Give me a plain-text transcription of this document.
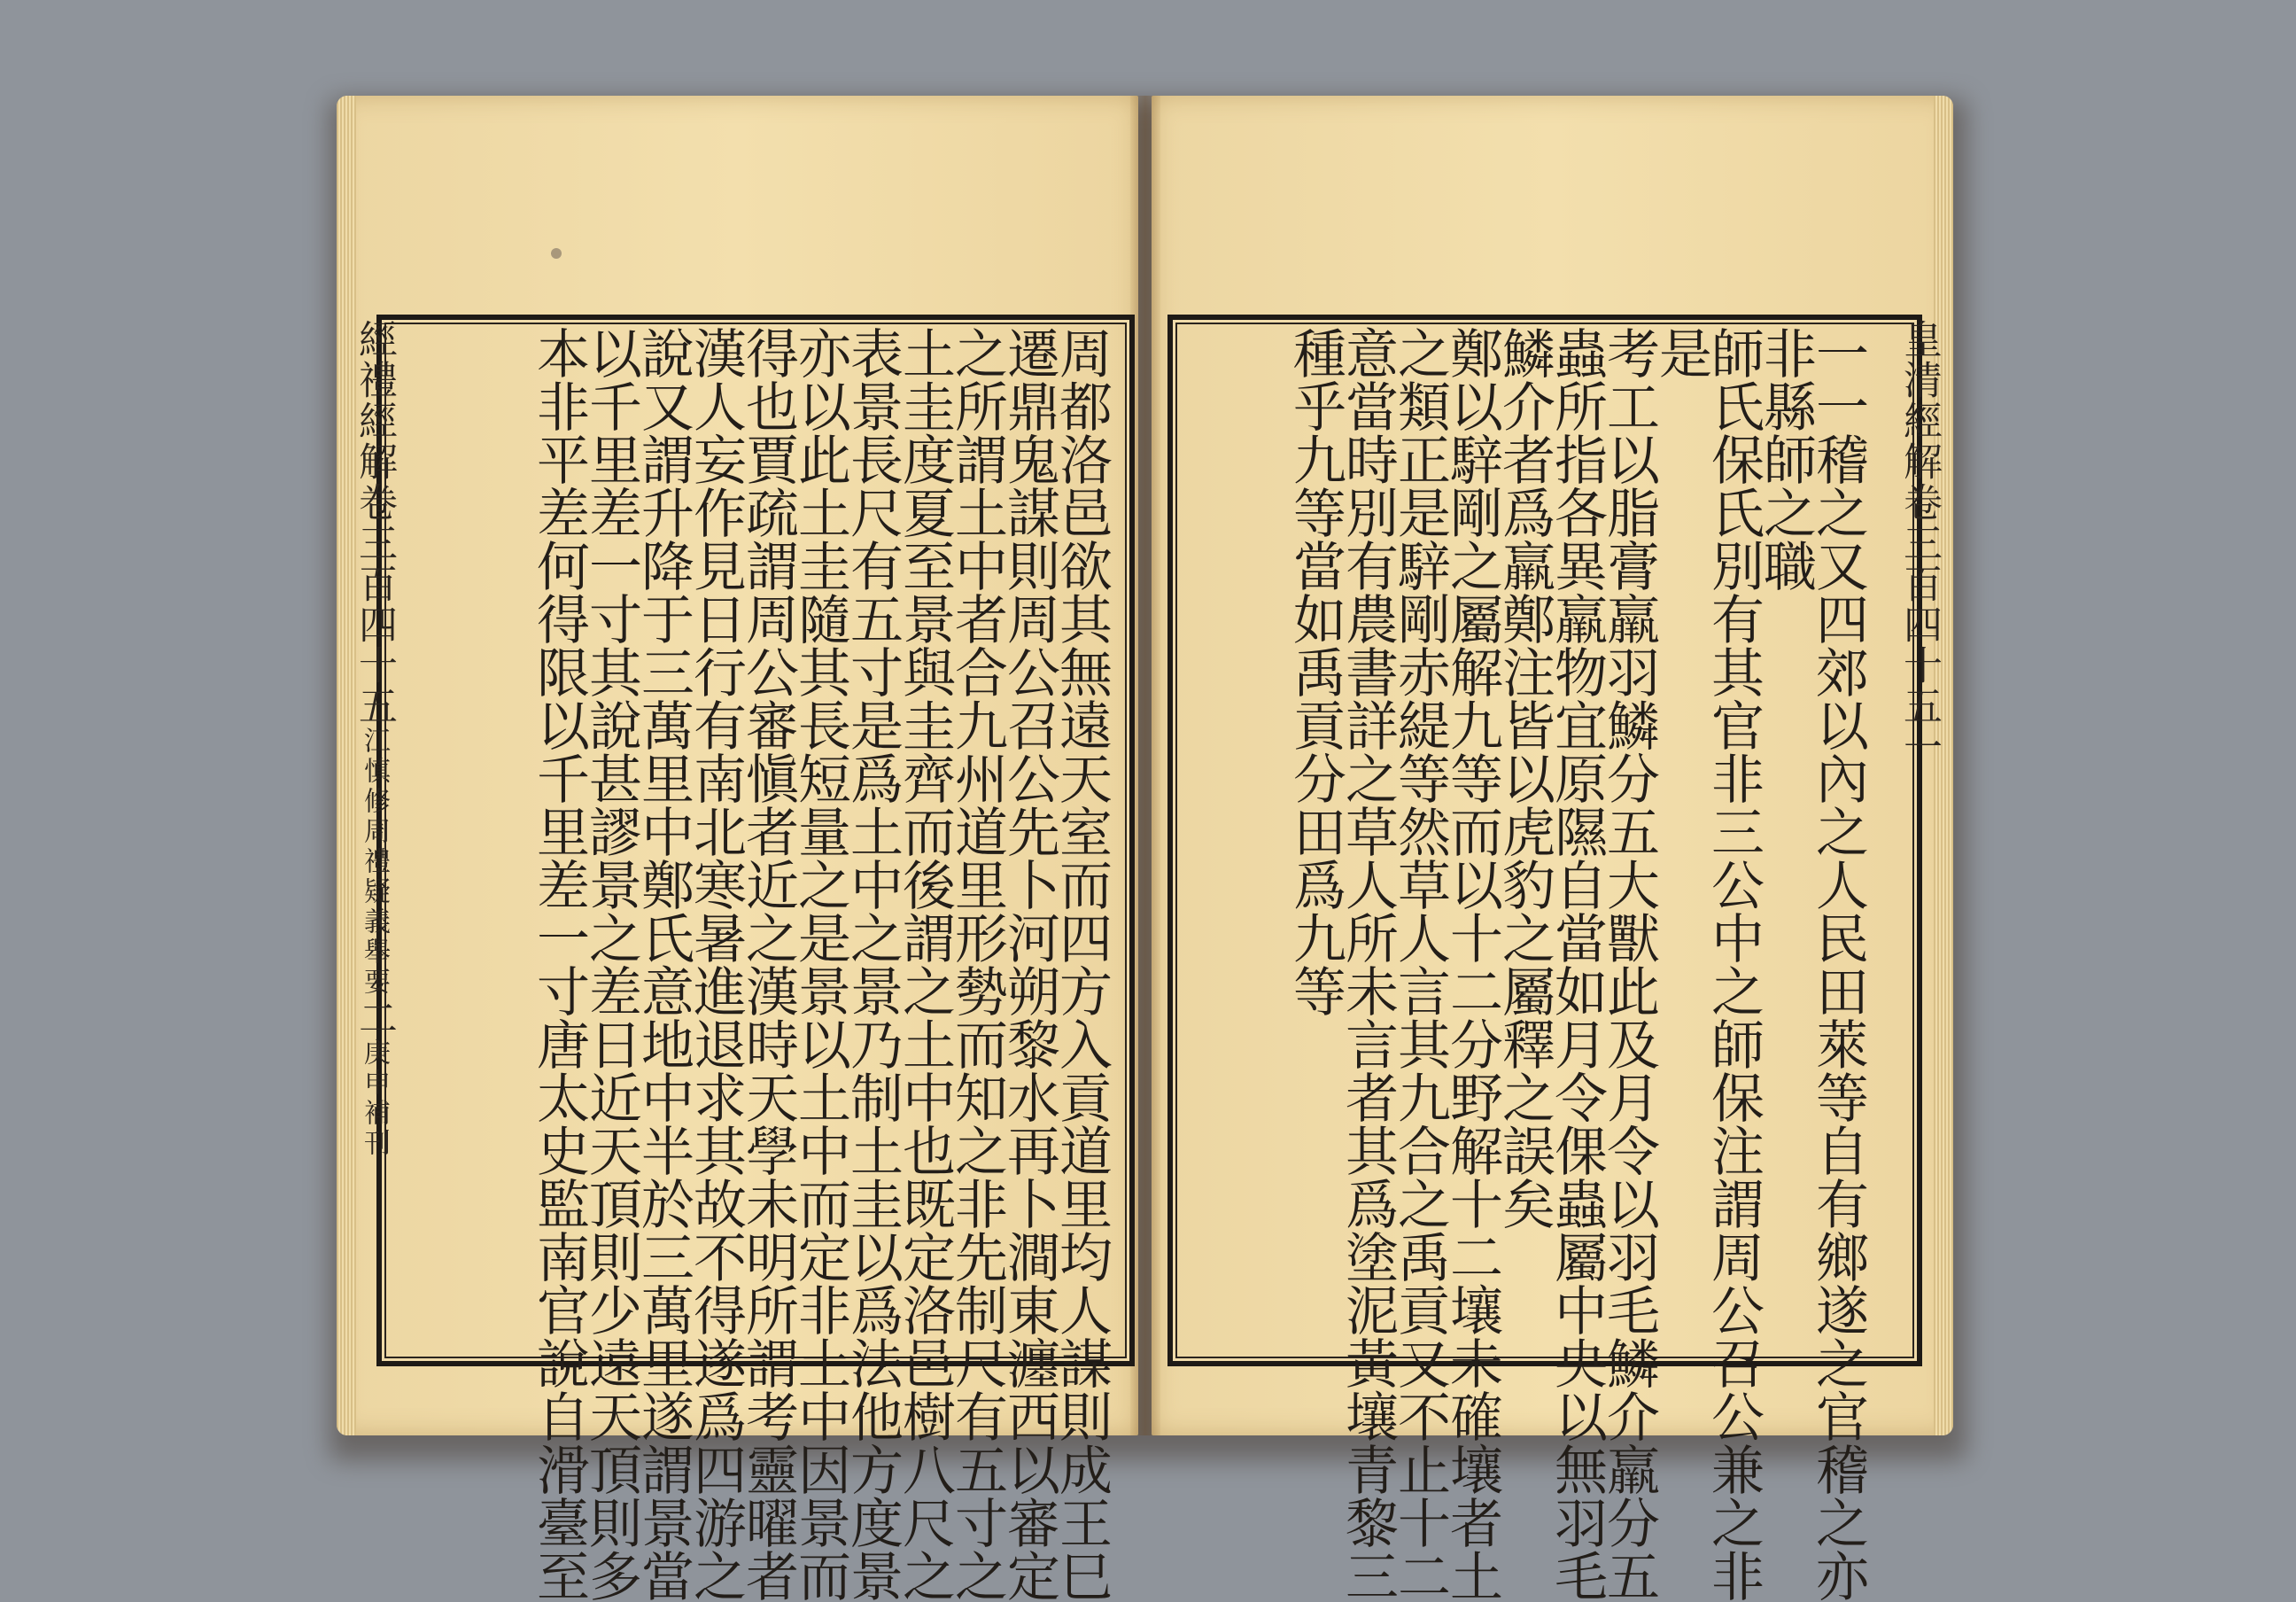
經禮經解卷三百四十五江慎修周禮疑義舉要二庚申補刊	周都洛邑欲其無遠天室而四方入貢道里均人謀則成王巳
遷鼎鬼謀則周公召公先卜河朔黎水再卜澗東瀍西以審定
之所謂土中者合九州道里形勢而知之非先制尺有五寸之
土圭度夏至景與圭齊而後謂之土中也既定洛邑樹八尺之
表景長尺有五寸是爲土中之景乃制土圭以爲法他方度景
亦以此土圭隨其長短量之是景以土中而定非土中因景而
得也賈疏謂周公審愼者近之漢時天學未明所謂考靈曜者
漢人妄作見日行有南北寒暑進退求其故不得遂爲四游之
說又謂升降于三萬里中鄭氏意地中半於三萬里遂謂景當
以千里差一寸其說甚謬景之差日近天頂則少遠天頂則多
本非平差何得限以千里差一寸唐太史監南官說自滑臺至	皇清經解卷三百四十五一
一一稽之又四郊以內之人民田萊等自有鄉遂之官稽之亦
非縣師之職
師氏保氏別有其官非三公中之師保注謂周公召公兼之非
是
考工以脂膏羸羽鱗分五大獸此及月令以羽毛鱗介羸分五
蟲所指各異羸物宜原隰自當如月令倮蟲屬中央以無羽毛
鱗介者爲羸鄭注皆以虎豹之屬釋之誤矣
鄭以騂剛之屬解九等而以十二分野解十二壤未確壤者土
之類正是騂剛赤緹等然草人言其九合之禹貢又不止十二
意當時別有農書詳之草人所未言者其爲塗泥黃壤青黎三
種乎九等當如禹貢分田爲九等
